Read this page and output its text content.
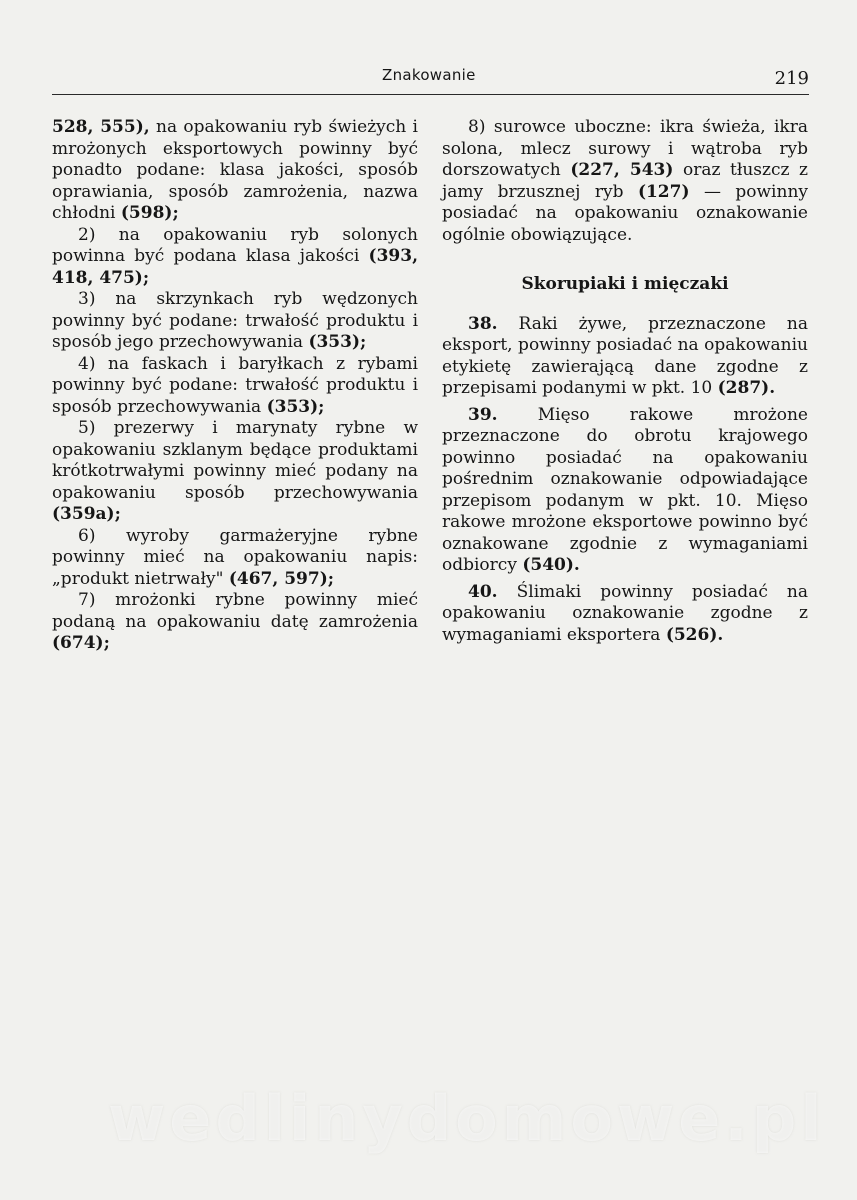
Znakowanie	219

528, 555), na opakowaniu ryb świeżych i mrożonych eksportowych powinny być ponadto podane: klasa jakości, sposób oprawiania, sposób zamrożenia, nazwa chłodni (598);

2) na opakowaniu ryb solonych powinna być podana klasa jakości (393, 418, 475);

3) na skrzynkach ryb wędzonych powinny być podane: trwałość produktu i sposób jego przechowywania (353);

4) na faskach i baryłkach z rybami powinny być podane: trwałość produktu i sposób przechowywania (353);

5) prezerwy i marynaty rybne w opakowaniu szklanym będące produktami krótkotrwałymi powinny mieć podany na opakowaniu sposób przechowywania (359a);

6) wyroby garmażeryjne rybne powinny mieć na opakowaniu napis: „produkt nietrwały" (467, 597);

7) mrożonki rybne powinny mieć podaną na opakowaniu datę zamrożenia (674);

8) surowce uboczne: ikra świeża, ikra solona, mlecz surowy i wątroba ryb dorszowatych (227, 543) oraz tłuszcz z jamy brzusznej ryb (127) — powinny posiadać na opakowaniu oznakowanie ogólnie obowiązujące.

Skorupiaki i mięczaki

38. Raki żywe, przeznaczone na eksport, powinny posiadać na opakowaniu etykietę zawierającą dane zgodne z przepisami podanymi w pkt. 10 (287).

39. Mięso rakowe mrożone przeznaczone do obrotu krajowego powinno posiadać na opakowaniu pośrednim oznakowanie odpowiadające przepisom podanym w pkt. 10. Mięso rakowe mrożone eksportowe powinno być oznakowane zgodnie z wymaganiami odbiorcy (540).

40. Ślimaki powinny posiadać na opakowaniu oznakowanie zgodne z wymaganiami eksportera (526).

wedlinydomowe.pl
